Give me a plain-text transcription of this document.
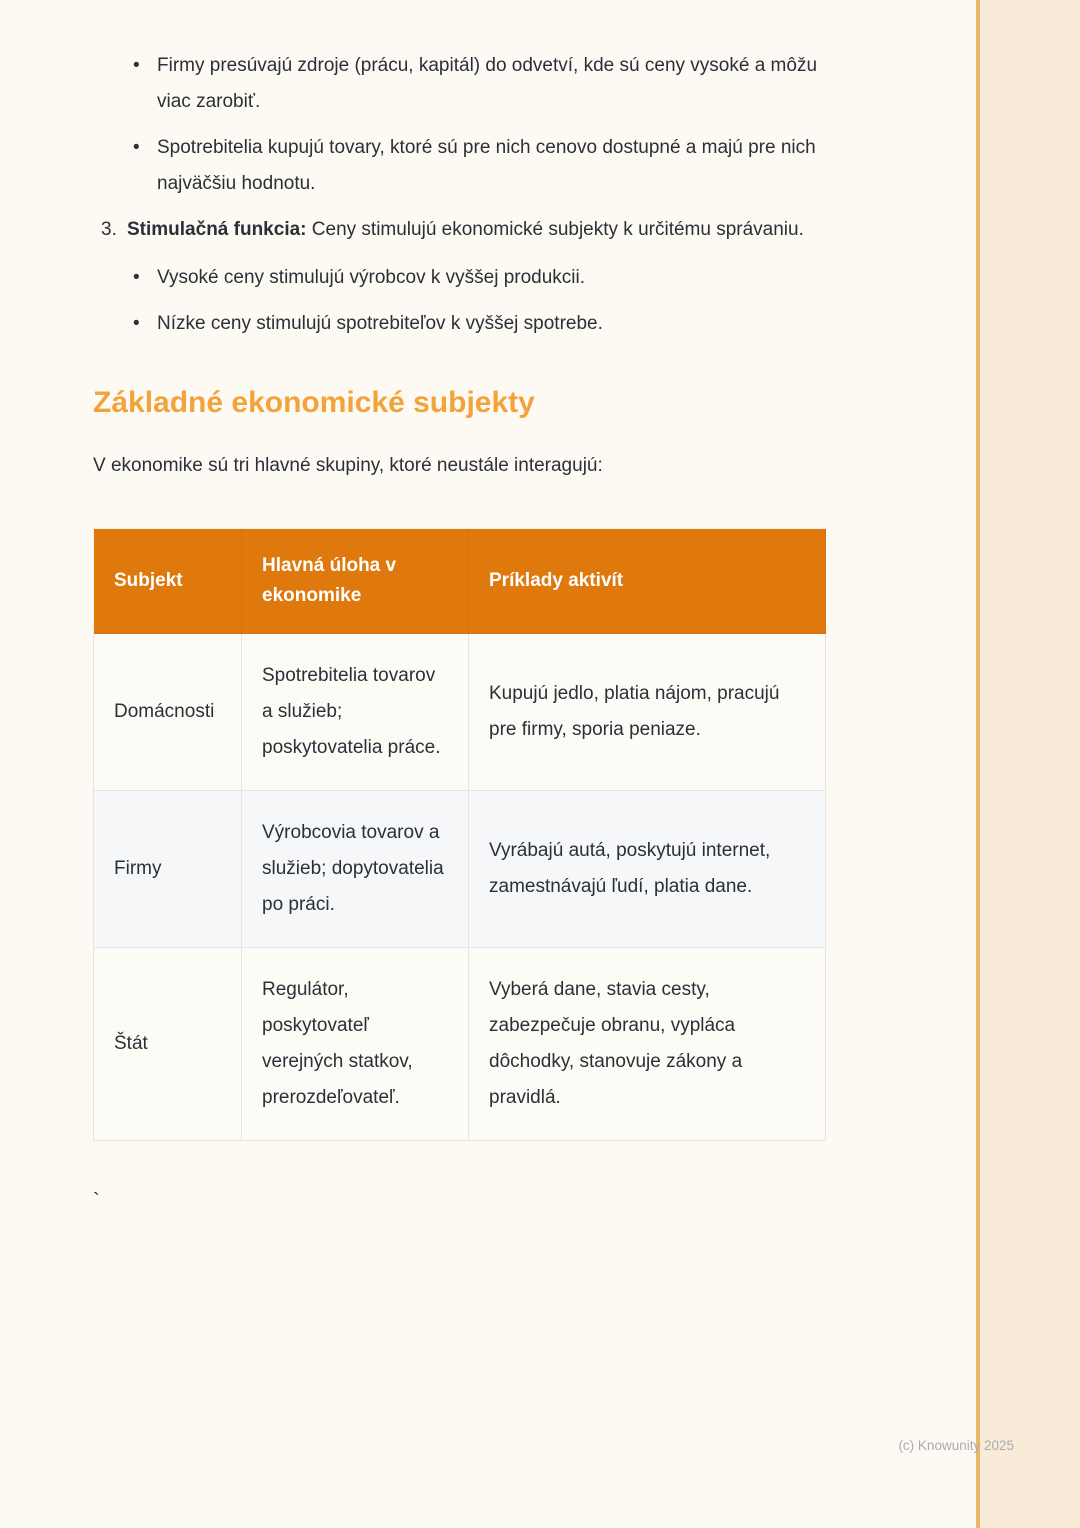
• Firmy presúvajú zdroje (prácu, kapitál) do odvetví, kde sú ceny vysoké a môžu viac zarobiť.
• Spotrebitelia kupujú tovary, ktoré sú pre nich cenovo dostupné a majú pre nich najväčšiu hodnotu.
3. Stimulačná funkcia: Ceny stimulujú ekonomické subjekty k určitému správaniu.
• Vysoké ceny stimulujú výrobcov k vyššej produkcii.
• Nízke ceny stimulujú spotrebiteľov k vyššej spotrebe.
Základné ekonomické subjekty

V ekonomike sú tri hlavné skupiny, ktoré neustále interagujú:

Subjekt	Hlavná úloha v ekonomike	Príklady aktivít
Domácnosti	Spotrebitelia tovarov a služieb; poskytovatelia práce.	Kupujú jedlo, platia nájom, pracujú pre firmy, sporia peniaze.
Firmy	Výrobcovia tovarov a služieb; dopytovatelia po práci.	Vyrábajú autá, poskytujú internet, zamestnávajú ľudí, platia dane.
Štát	Regulátor, poskytovateľ verejných statkov, prerozdeľovateľ.	Vyberá dane, stavia cesty, zabezpečuje obranu, vypláca dôchodky, stanovuje zákony a pravidlá.
`
(c) Knowunity 2025
